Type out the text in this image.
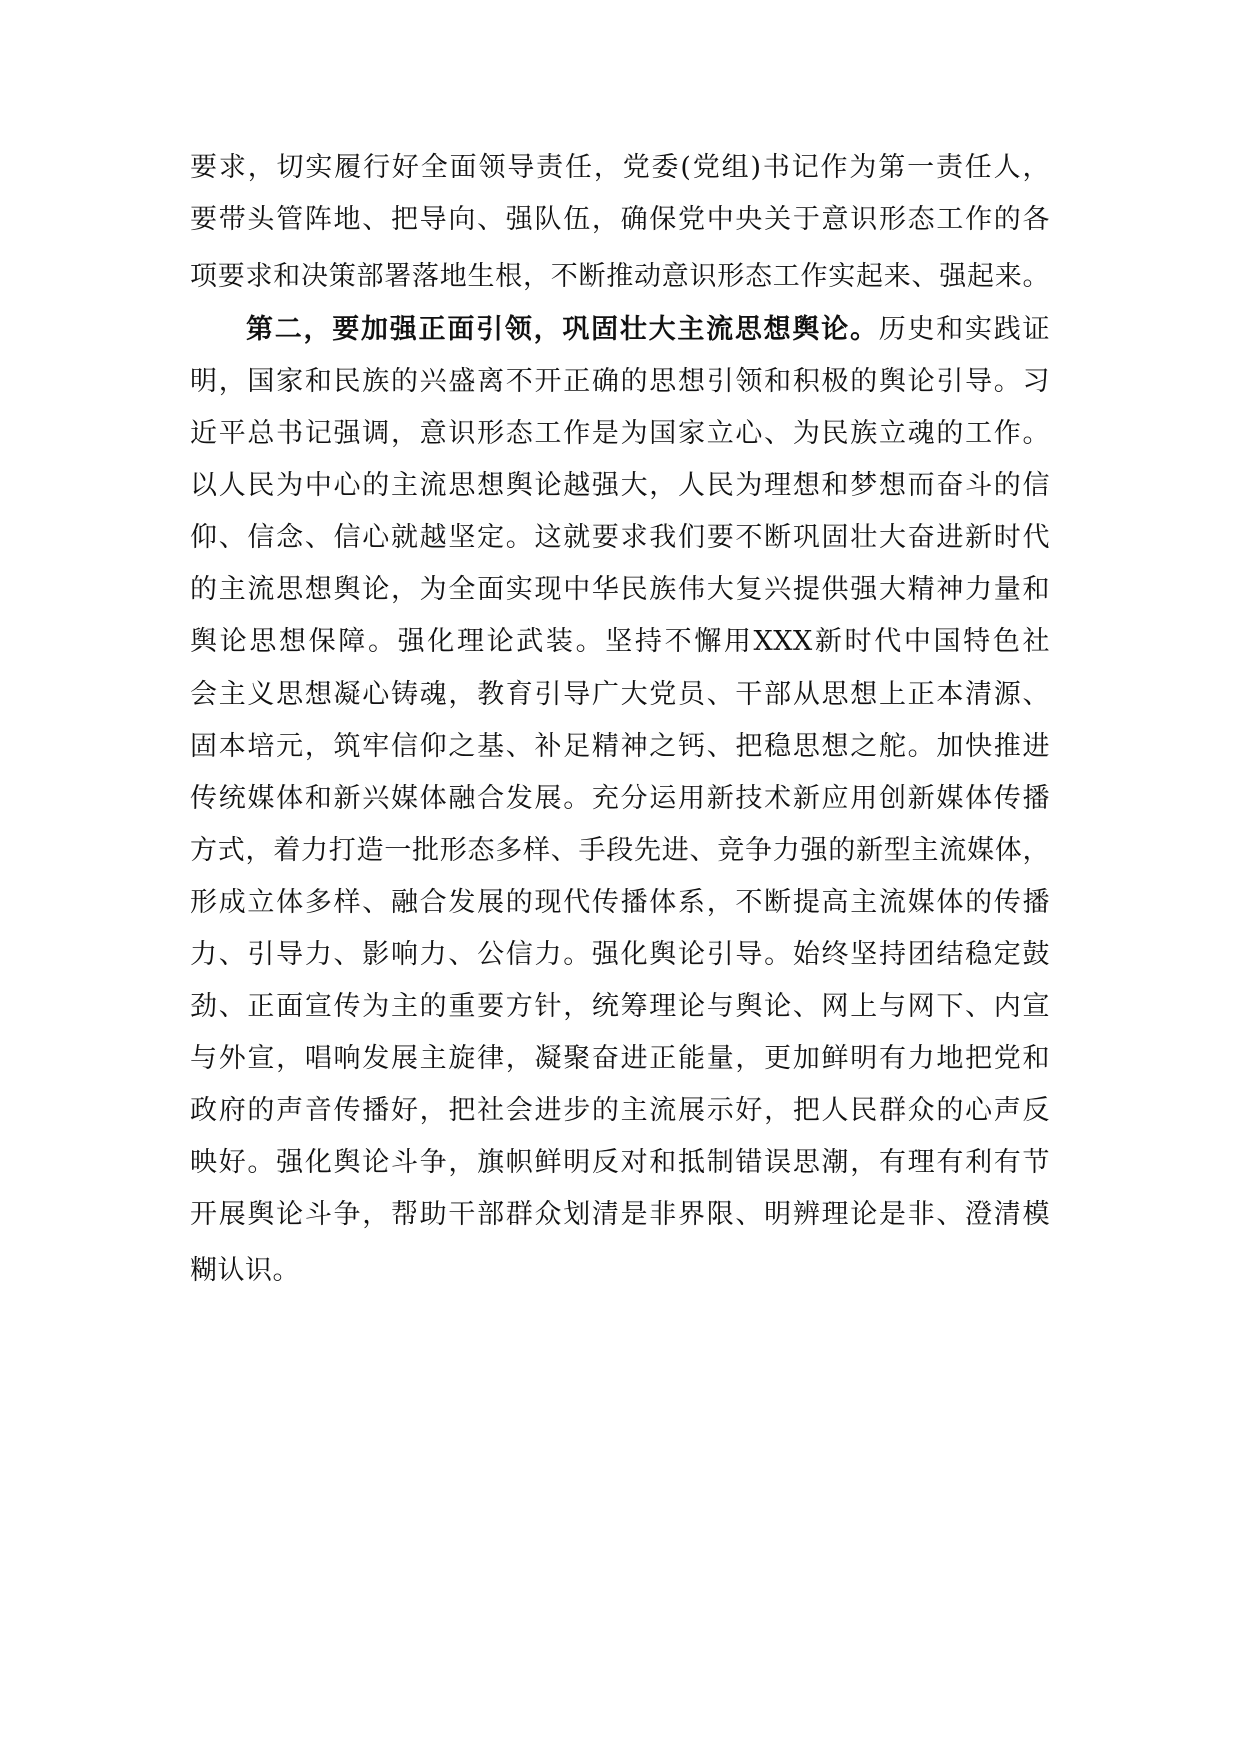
要求，切实履行好全面领导责任，党委(党组)书记作为第一责任人，
要带头管阵地、把导向、强队伍，确保党中央关于意识形态工作的各
项要求和决策部署落地生根，不断推动意识形态工作实起来、强起来。
第二，要加强正面引领，巩固壮大主流思想舆论。历史和实践证
明，国家和民族的兴盛离不开正确的思想引领和积极的舆论引导。习
近平总书记强调，意识形态工作是为国家立心、为民族立魂的工作。
以人民为中心的主流思想舆论越强大，人民为理想和梦想而奋斗的信
仰、信念、信心就越坚定。这就要求我们要不断巩固壮大奋进新时代
的主流思想舆论，为全面实现中华民族伟大复兴提供强大精神力量和
舆论思想保障。强化理论武装。坚持不懈用XXX新时代中国特色社
会主义思想凝心铸魂，教育引导广大党员、干部从思想上正本清源、
固本培元，筑牢信仰之基、补足精神之钙、把稳思想之舵。加快推进
传统媒体和新兴媒体融合发展。充分运用新技术新应用创新媒体传播
方式，着力打造一批形态多样、手段先进、竞争力强的新型主流媒体，
形成立体多样、融合发展的现代传播体系，不断提高主流媒体的传播
力、引导力、影响力、公信力。强化舆论引导。始终坚持团结稳定鼓
劲、正面宣传为主的重要方针，统筹理论与舆论、网上与网下、内宣
与外宣，唱响发展主旋律，凝聚奋进正能量，更加鲜明有力地把党和
政府的声音传播好，把社会进步的主流展示好，把人民群众的心声反
映好。强化舆论斗争，旗帜鲜明反对和抵制错误思潮，有理有利有节
开展舆论斗争，帮助干部群众划清是非界限、明辨理论是非、澄清模
糊认识。
